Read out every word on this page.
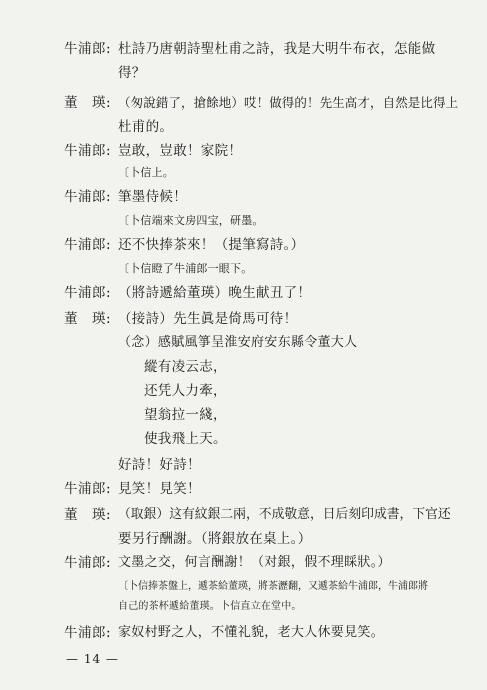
牛浦郎: 杜詩乃唐朝詩聖杜甫之詩，我是大明牛布衣，怎能做
得？
董　瑛: （匆說錯了，搶餘地）哎！做得的！先生高才，自然是比得上
杜甫的。
牛浦郎: 豈敢，豈敢！家院！
〔卜信上。
牛浦郎: 筆墨侍候！
〔卜信端來文房四宝，研墨。
牛浦郎: 还不快捧茶來！（提筆寫詩。）
〔卜信瞪了牛浦郎一眼下。
牛浦郎: （將詩遞給董瑛）晚生献丑了！
董　瑛: （接詩）先生眞是倚馬可待！
（念）感賦風箏呈淮安府安东縣令董大人
縱有凌云志，
还凭人力牽，
望翁拉一綫，
使我飛上天。
好詩！好詩！
牛浦郎: 見笑！見笑！
董　瑛: （取銀）这有紋銀二兩，不成敬意，日后刻印成書，下官还
要另行酬謝。（將銀放在桌上。）
牛浦郎: 文墨之交，何言酬謝！（对銀，假不理睬狀。）
〔卜信捧茶盤上，遞茶給董瑛，將茶瀝翻，又遞茶給牛浦郎，牛浦郎將
自己的茶杯遞給董瑛。卜信直立在堂中。
牛浦郎: 家奴村野之人，不懂礼貌，老大人休要見笑。
— 14 —
